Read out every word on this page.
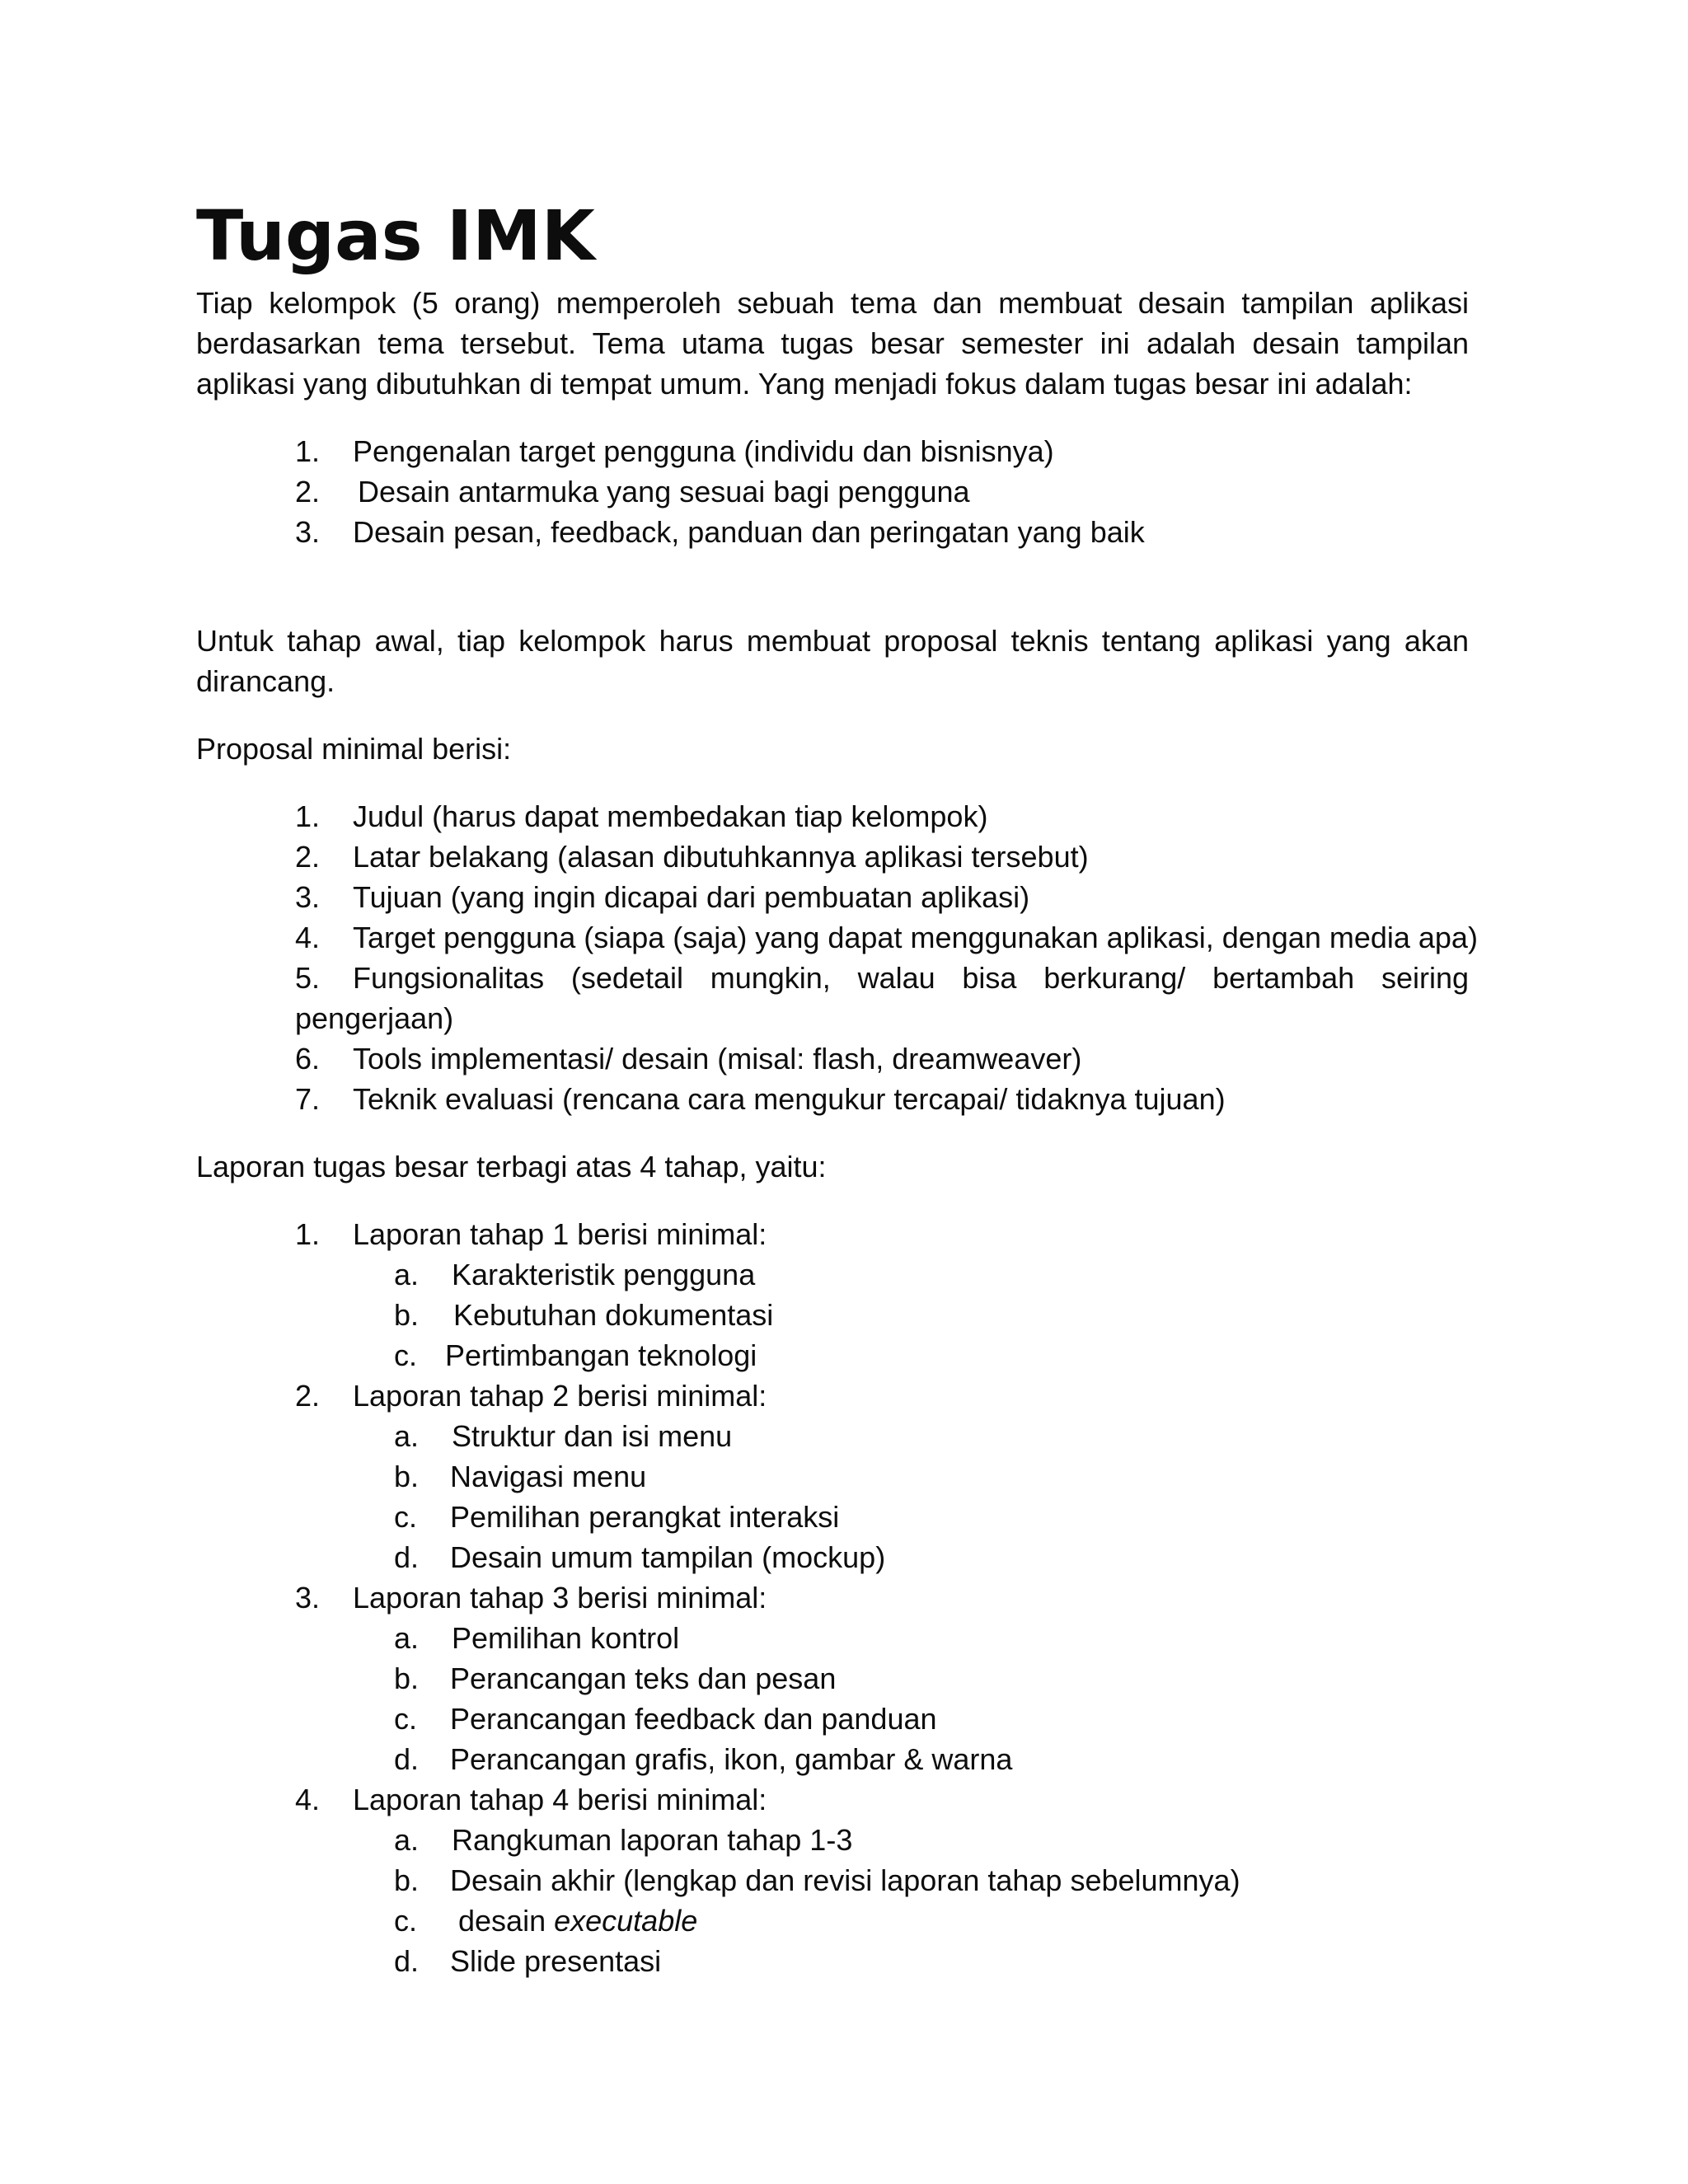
Tugas IMK

Tiap kelompok (5 orang) memperoleh sebuah tema dan membuat desain tampilan aplikasi

berdasarkan tema tersebut. Tema utama tugas besar semester ini adalah desain tampilan

aplikasi yang dibutuhkan di tempat umum. Yang menjadi fokus dalam tugas besar ini adalah:

1. Pengenalan target pengguna (individu dan bisnisnya)
2. Desain antarmuka yang sesuai bagi pengguna
3. Desain pesan, feedback, panduan dan peringatan yang baik

Untuk tahap awal, tiap kelompok harus membuat proposal teknis tentang aplikasi yang akan

dirancang.

Proposal minimal berisi:

1. Judul (harus dapat membedakan tiap kelompok)
2. Latar belakang (alasan dibutuhkannya aplikasi tersebut)
3. Tujuan (yang ingin dicapai dari pembuatan aplikasi)
4. Target pengguna (siapa (saja) yang dapat menggunakan aplikasi, dengan media apa)
5. Fungsionalitas (sedetail mungkin, walau bisa berkurang/ bertambah seiring
pengerjaan)
6. Tools implementasi/ desain (misal: flash, dreamweaver)
7. Teknik evaluasi (rencana cara mengukur tercapai/ tidaknya tujuan)

Laporan tugas besar terbagi atas 4 tahap, yaitu:

1. Laporan tahap 1 berisi minimal:
a. Karakteristik pengguna
b. Kebutuhan dokumentasi
c. Pertimbangan teknologi
2. Laporan tahap 2 berisi minimal:
a. Struktur dan isi menu
b. Navigasi menu
c. Pemilihan perangkat interaksi
d. Desain umum tampilan (mockup)
3. Laporan tahap 3 berisi minimal:
a. Pemilihan kontrol
b. Perancangan teks dan pesan
c. Perancangan feedback dan panduan
d. Perancangan grafis, ikon, gambar & warna
4. Laporan tahap 4 berisi minimal:
a. Rangkuman laporan tahap 1-3
b. Desain akhir (lengkap dan revisi laporan tahap sebelumnya)
c. desain executable
d. Slide presentasi
